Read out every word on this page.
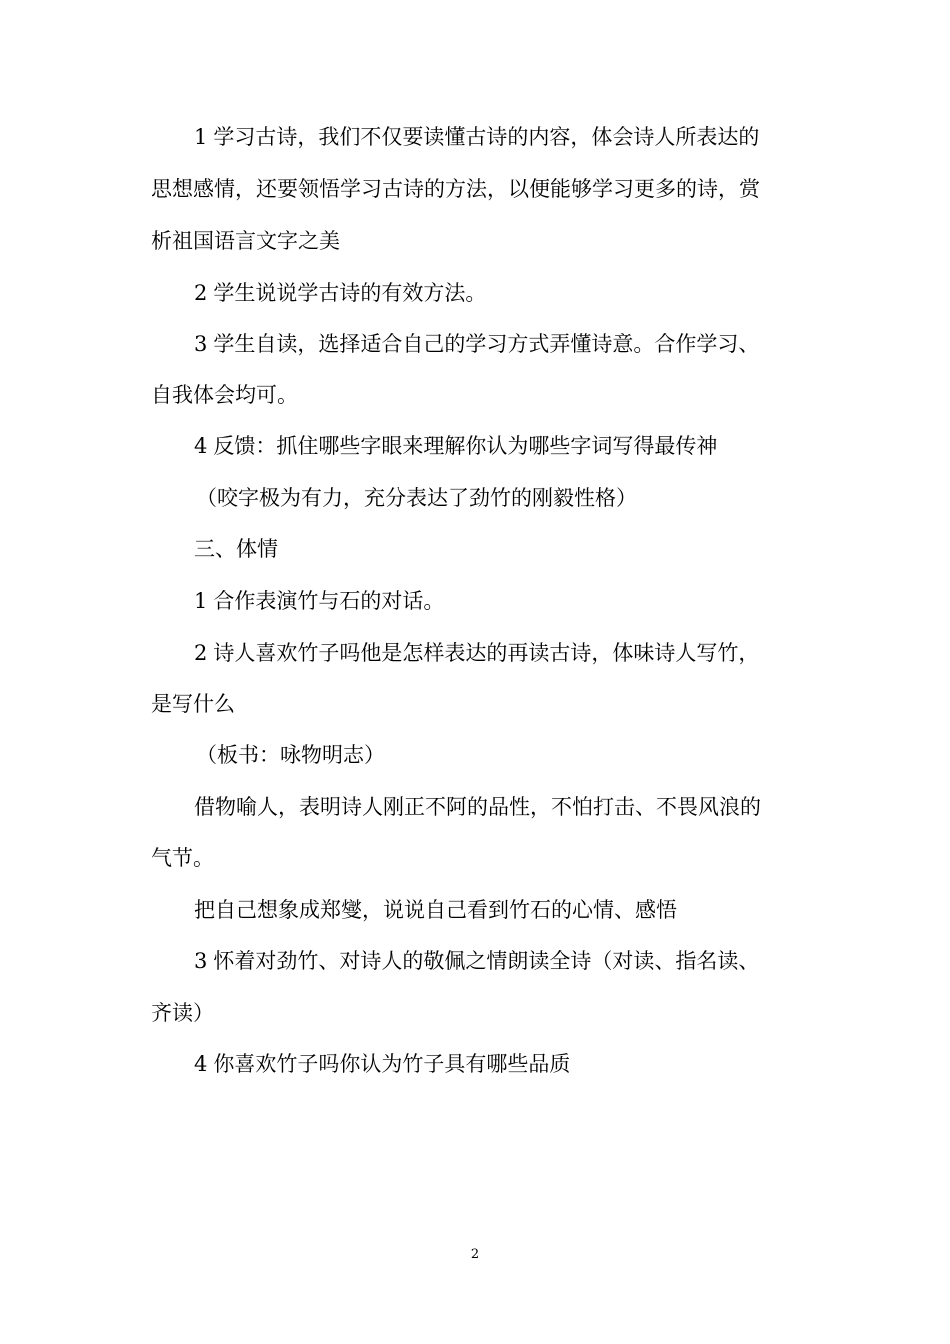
1 学习古诗，我们不仅要读懂古诗的内容，体会诗人所表达的
思想感情，还要领悟学习古诗的方法，以便能够学习更多的诗，赏
析祖国语言文字之美
2 学生说说学古诗的有效方法。
3 学生自读，选择适合自己的学习方式弄懂诗意。合作学习、
自我体会均可。
4 反馈：抓住哪些字眼来理解你认为哪些字词写得最传神
（咬字极为有力，充分表达了劲竹的刚毅性格）
三、体情
1 合作表演竹与石的对话。
2 诗人喜欢竹子吗他是怎样表达的再读古诗，体味诗人写竹，
是写什么
（板书：咏物明志）
借物喻人，表明诗人刚正不阿的品性，不怕打击、不畏风浪的
气节。
把自己想象成郑燮，说说自己看到竹石的心情、感悟
3 怀着对劲竹、对诗人的敬佩之情朗读全诗（对读、指名读、
齐读）
4 你喜欢竹子吗你认为竹子具有哪些品质
2
